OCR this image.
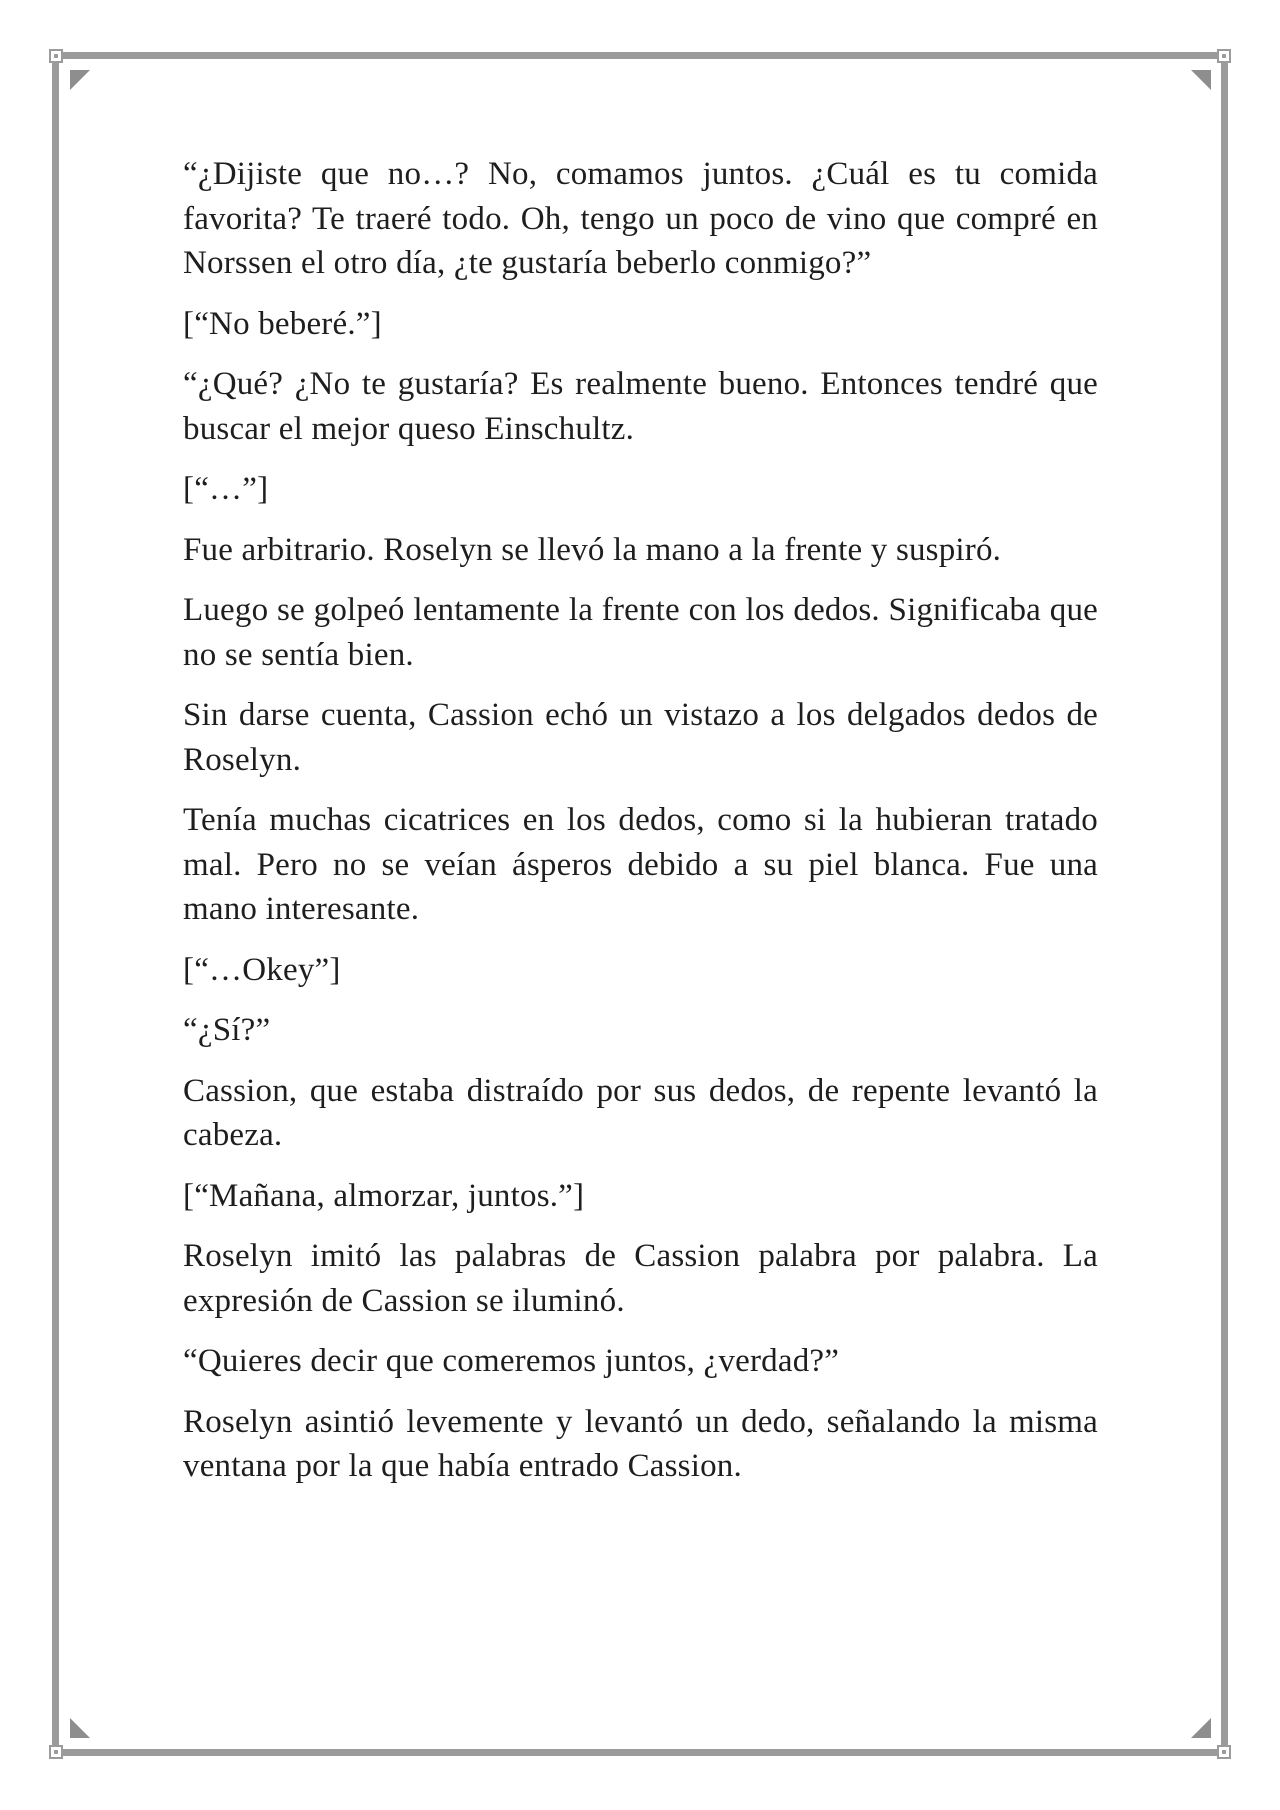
“¿Dijiste que no…? No, comamos juntos. ¿Cuál es tu comida favorita? Te traeré todo. Oh, tengo un poco de vino que compré en Norssen el otro día, ¿te gustaría beberlo conmigo?”

[“No beberé.”]

“¿Qué? ¿No te gustaría? Es realmente bueno. Entonces tendré que buscar el mejor queso Einschultz.

[“…”]

Fue arbitrario. Roselyn se llevó la mano a la frente y suspiró.

Luego se golpeó lentamente la frente con los dedos. Significaba que no se sentía bien.

Sin darse cuenta, Cassion echó un vistazo a los delgados dedos de Roselyn.

Tenía muchas cicatrices en los dedos, como si la hubieran tratado mal. Pero no se veían ásperos debido a su piel blanca. Fue una mano interesante.

[“…Okey”]

“¿Sí?”

Cassion, que estaba distraído por sus dedos, de repente levantó la cabeza.

[“Mañana, almorzar, juntos.”]

Roselyn imitó las palabras de Cassion palabra por palabra. La expresión de Cassion se iluminó.

“Quieres decir que comeremos juntos, ¿verdad?”

Roselyn asintió levemente y levantó un dedo, señalando la misma ventana por la que había entrado Cassion.
